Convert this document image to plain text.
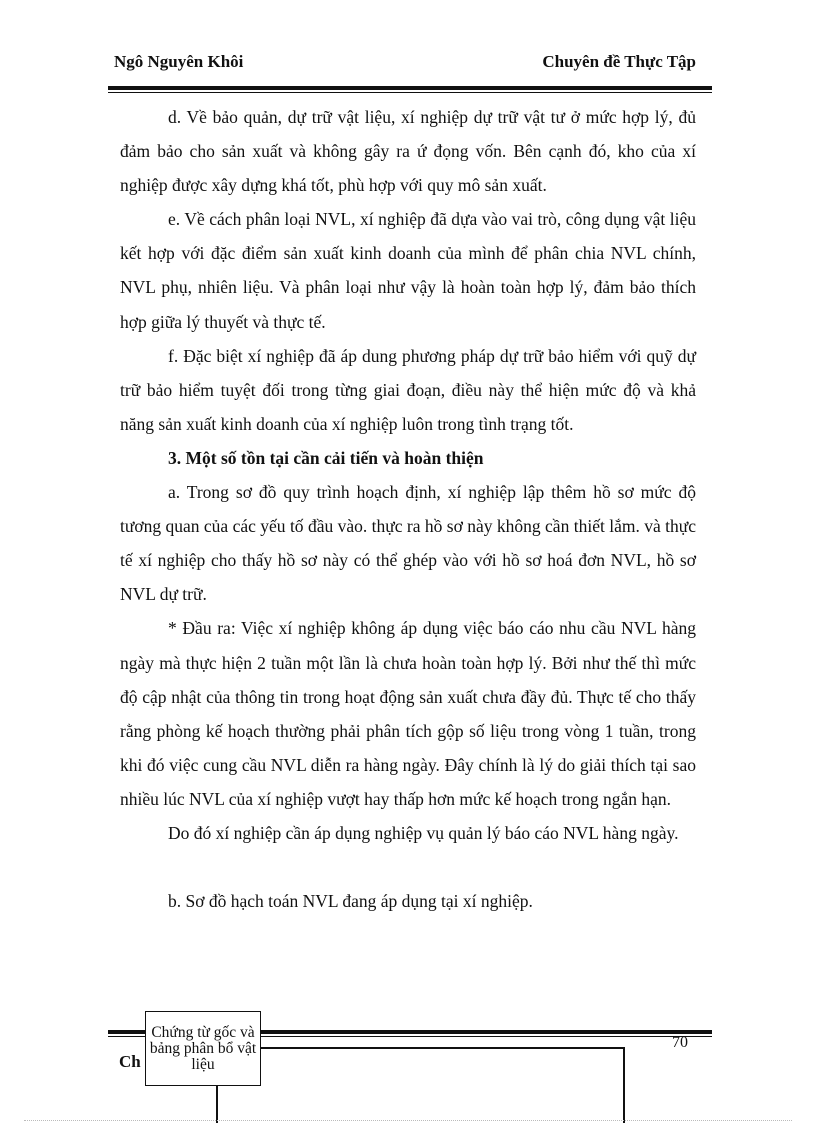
Ngô Nguyên Khôi	Chuyên đề Thực Tập

d. Về bảo quản, dự trữ vật liệu, xí nghiệp dự trữ vật tư ở mức hợp lý, đủ đảm bảo cho sản xuất và không gây ra ứ đọng vốn. Bên cạnh đó, kho của xí nghiệp được xây dựng khá tốt, phù hợp với quy mô sản xuất.

e. Về cách phân loại NVL, xí nghiệp đã dựa vào vai trò, công dụng vật liệu kết hợp với đặc điểm sản xuất kinh doanh của mình để phân chia NVL chính, NVL phụ, nhiên liệu. Và phân loại như vậy là hoàn toàn hợp lý, đảm bảo thích hợp giữa lý thuyết và thực tế.

f. Đặc biệt xí nghiệp đã áp dung phương pháp dự trữ bảo hiểm với quỹ dự trữ bảo hiểm tuyệt đối trong từng giai đoạn, điều này thể hiện mức độ và khả năng sản xuất kinh doanh của xí nghiệp luôn trong tình trạng tốt.

3. Một số tồn tại cần cải tiến và hoàn thiện

a. Trong sơ đồ quy trình hoạch định, xí nghiệp lập thêm hồ sơ mức độ tương quan của các yếu tố đầu vào. thực ra hồ sơ này không cần thiết lắm. và thực tế xí nghiệp cho thấy hồ sơ này có thể ghép vào với hồ sơ hoá đơn NVL, hồ sơ NVL dự trữ.

* Đầu ra: Việc xí nghiệp không áp dụng việc báo cáo nhu cầu NVL hàng ngày mà thực hiện 2 tuần một lần là chưa hoàn toàn hợp lý. Bởi như thế thì mức độ cập nhật của thông tin trong hoạt động sản xuất chưa đầy đủ. Thực tế cho thấy rằng phòng kế hoạch thường phải phân tích gộp số liệu trong vòng 1 tuần, trong khi đó việc cung cầu NVL diễn ra hàng ngày. Đây chính là lý do giải thích tại sao nhiều lúc NVL của xí nghiệp vượt hay thấp hơn mức kế hoạch trong ngắn hạn.

Do đó xí nghiệp cần áp dụng nghiệp vụ quản lý báo cáo NVL hàng ngày.

b. Sơ đồ hạch toán NVL đang áp dụng tại xí nghiệp.

Ch
70
Chứng từ gốc và bảng phân bổ vật liệu
